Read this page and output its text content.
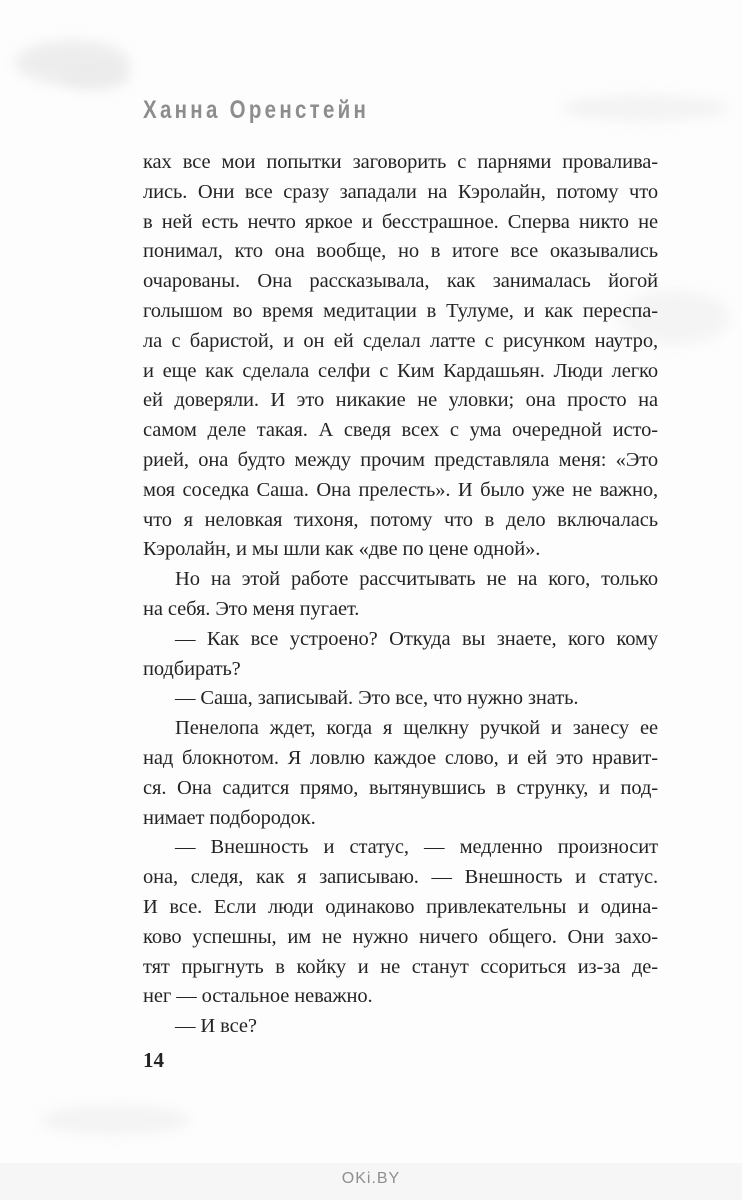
Ханна Оренстейн
ках все мои попытки заговорить с парнями провалива-
лись. Они все сразу западали на Кэролайн, потому что
в ней есть нечто яркое и бесстрашное. Сперва никто не
понимал, кто она вообще, но в итоге все оказывались
очарованы. Она рассказывала, как занималась йогой
голышом во время медитации в Тулуме, и как переспа-
ла с баристой, и он ей сделал латте с рисунком наутро,
и еще как сделала селфи с Ким Кардашьян. Люди легко
ей доверяли. И это никакие не уловки; она просто на
самом деле такая. А сведя всех с ума очередной исто-
рией, она будто между прочим представляла меня: «Это
моя соседка Саша. Она прелесть». И было уже не важно,
что я неловкая тихоня, потому что в дело включалась
Кэролайн, и мы шли как «две по цене одной».
Но на этой работе рассчитывать не на кого, только
на себя. Это меня пугает.
— Как все устроено? Откуда вы знаете, кого кому
подбирать?
— Саша, записывай. Это все, что нужно знать.
Пенелопа ждет, когда я щелкну ручкой и занесу ее
над блокнотом. Я ловлю каждое слово, и ей это нравит-
ся. Она садится прямо, вытянувшись в струнку, и под-
нимает подбородок.
— Внешность и статус, — медленно произносит
она, следя, как я записываю. — Внешность и статус.
И все. Если люди одинаково привлекательны и одина-
ково успешны, им не нужно ничего общего. Они захо-
тят прыгнуть в койку и не станут ссориться из-за де-
нег — остальное неважно.
— И все?
14
OKi.BY
